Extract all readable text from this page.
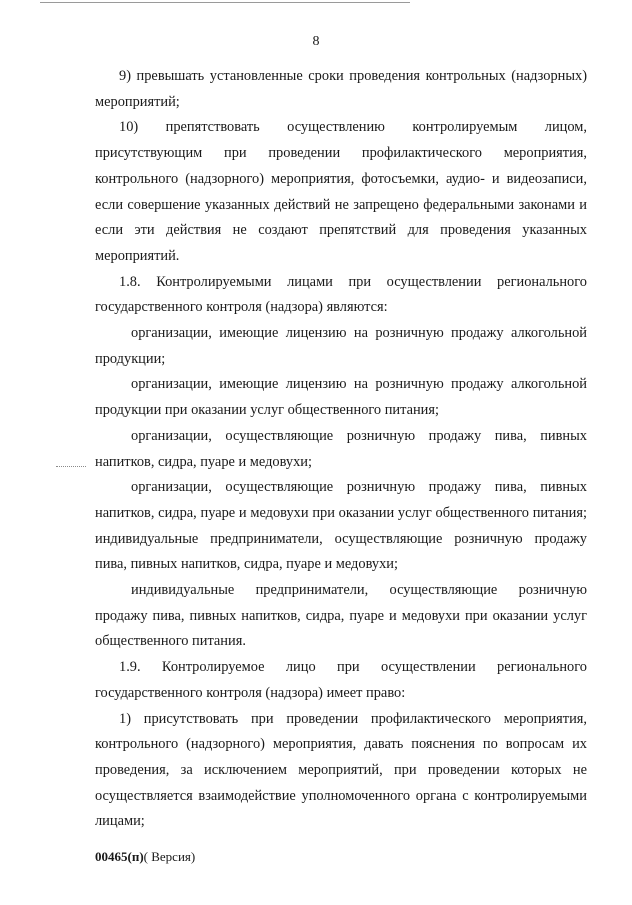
8

9) превышать установленные сроки проведения контрольных (надзорных) мероприятий;

10) препятствовать осуществлению контролируемым лицом, присутствующим при проведении профилактического мероприятия, контрольного (надзорного) мероприятия, фотосъемки, аудио- и видеозаписи, если совершение указанных действий не запрещено федеральными законами и если эти действия не создают препятствий для проведения указанных мероприятий.

1.8. Контролируемыми лицами при осуществлении регионального государственного контроля (надзора) являются:

организации, имеющие лицензию на розничную продажу алкогольной продукции;

организации, имеющие лицензию на розничную продажу алкогольной продукции при оказании услуг общественного питания;

организации, осуществляющие розничную продажу пива, пивных напитков, сидра, пуаре и медовухи;

организации, осуществляющие розничную продажу пива, пивных напитков, сидра, пуаре и медовухи при оказании услуг общественного питания; индивидуальные предприниматели, осуществляющие розничную продажу пива, пивных напитков, сидра, пуаре и медовухи;

индивидуальные предприниматели, осуществляющие розничную продажу пива, пивных напитков, сидра, пуаре и медовухи при оказании услуг общественного питания.

1.9. Контролируемое лицо при осуществлении регионального государственного контроля (надзора) имеет право:

1) присутствовать при проведении профилактического мероприятия, контрольного (надзорного) мероприятия, давать пояснения по вопросам их проведения, за исключением мероприятий, при проведении которых не осуществляется взаимодействие уполномоченного органа с контролируемыми лицами;

00465(п)( Версия)
